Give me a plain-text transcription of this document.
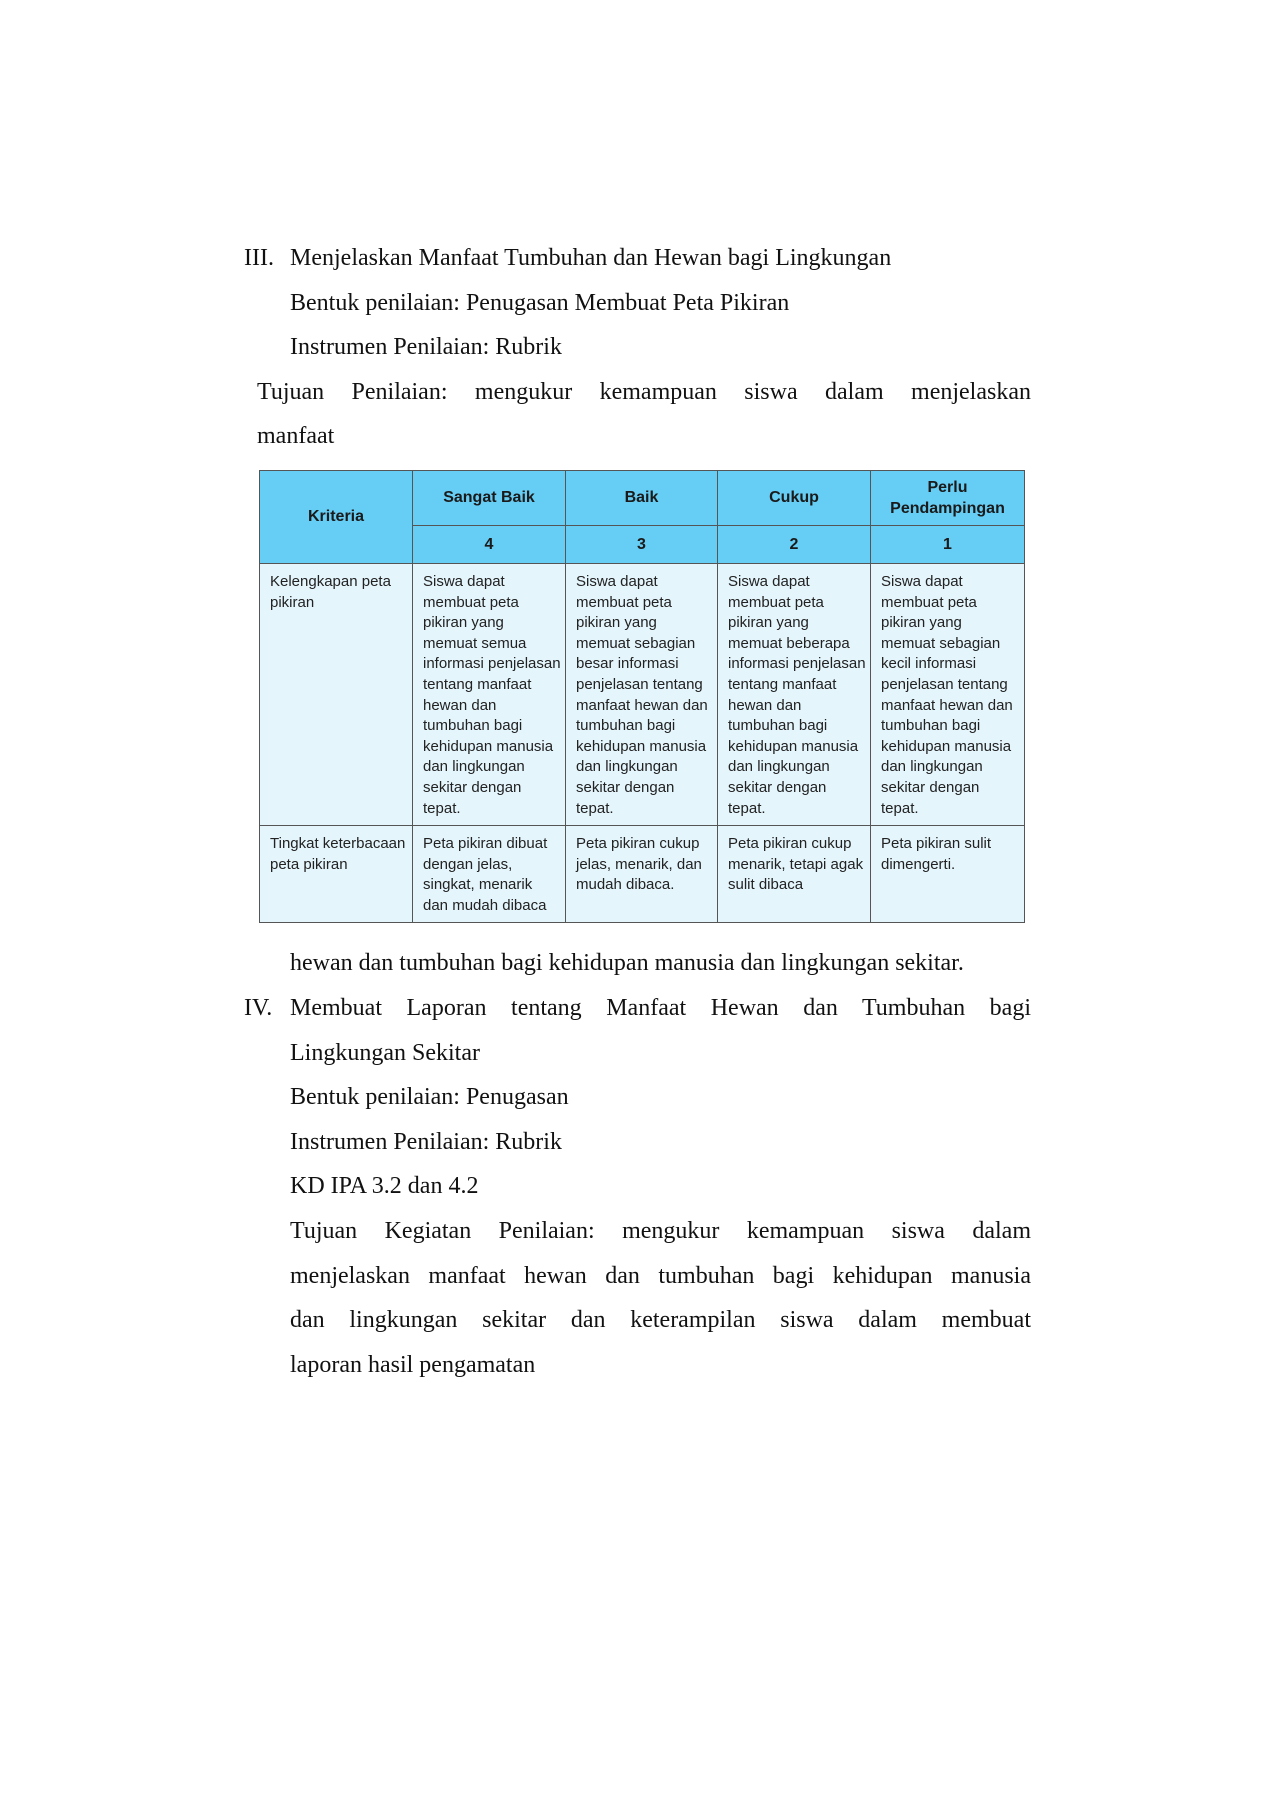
III. Menjelaskan Manfaat Tumbuhan dan Hewan bagi Lingkungan
Bentuk penilaian: Penugasan Membuat Peta Pikiran
Instrumen Penilaian: Rubrik
Tujuan Penilaian: mengukur kemampuan siswa dalam menjelaskan
manfaat
Kriteria	Sangat Baik	Baik	Cukup	Perlu Pendampingan
	4	3	2	1
Kelengkapan peta pikiran	Siswa dapat membuat peta pikiran yang memuat semua informasi penjelasan tentang manfaat hewan dan tumbuhan bagi kehidupan manusia dan lingkungan sekitar dengan tepat.	Siswa dapat membuat peta pikiran yang memuat sebagian besar informasi penjelasan tentang manfaat hewan dan tumbuhan bagi kehidupan manusia dan lingkungan sekitar dengan tepat.	Siswa dapat membuat peta pikiran yang memuat beberapa informasi penjelasan tentang manfaat hewan dan tumbuhan bagi kehidupan manusia dan lingkungan sekitar dengan tepat.	Siswa dapat membuat peta pikiran yang memuat sebagian kecil informasi penjelasan tentang manfaat hewan dan tumbuhan bagi kehidupan manusia dan lingkungan sekitar dengan tepat.
Tingkat keterbacaan peta pikiran	Peta pikiran dibuat dengan jelas, singkat, menarik dan mudah dibaca	Peta pikiran cukup jelas, menarik, dan mudah dibaca.	Peta pikiran cukup menarik, tetapi agak sulit dibaca	Peta pikiran sulit dimengerti.
hewan dan tumbuhan bagi kehidupan manusia dan lingkungan sekitar.
IV. Membuat Laporan tentang Manfaat Hewan dan Tumbuhan bagi
Lingkungan Sekitar
Bentuk penilaian: Penugasan
Instrumen Penilaian: Rubrik
KD IPA 3.2 dan 4.2
Tujuan Kegiatan Penilaian: mengukur kemampuan siswa dalam
menjelaskan manfaat hewan dan tumbuhan bagi kehidupan manusia
dan lingkungan sekitar dan keterampilan siswa dalam membuat
laporan hasil pengamatan
